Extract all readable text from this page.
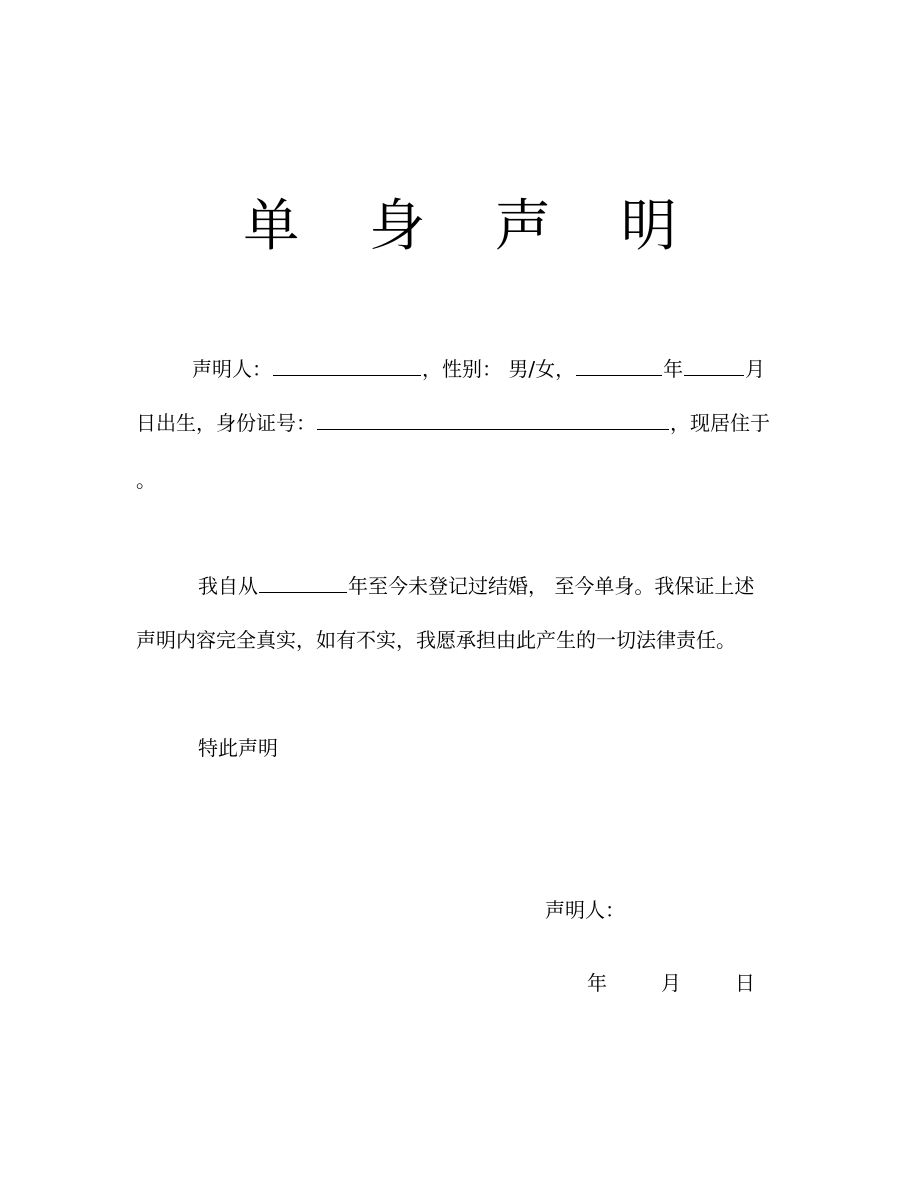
单 身 声 明
声明人：	，性别： 男/女，	年	月
日出生，身份证号：	，现居住于
。
我自从	年至今未登记过结婚， 至今单身。我保证上述
声明内容完全真实，如有不实，我愿承担由此产生的一切法律责任。
特此声明
声明人：
年	月	日
